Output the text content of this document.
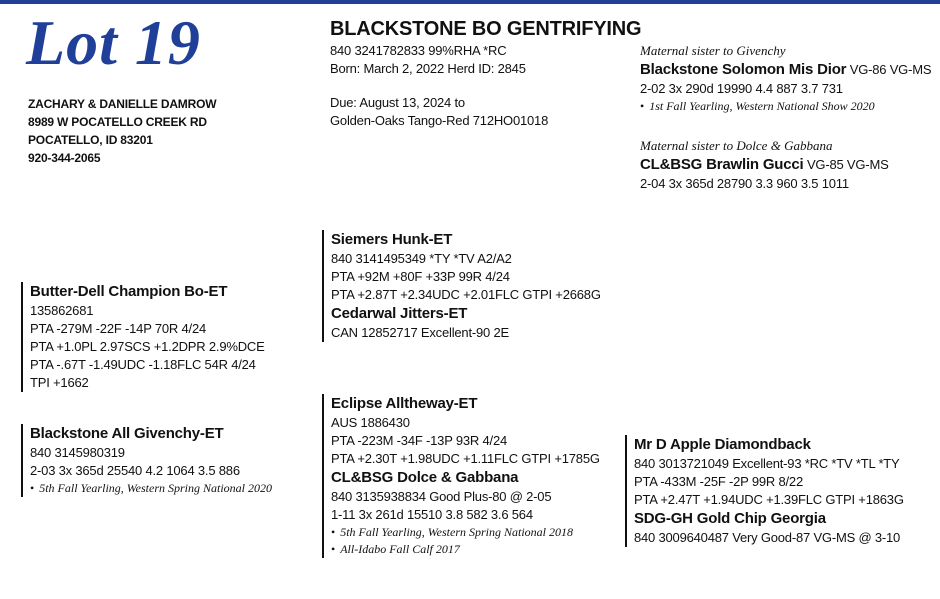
Lot 19
ZACHARY & DANIELLE DAMROW
8989 W POCATELLO CREEK RD
POCATELLO, ID 83201
920-344-2065
BLACKSTONE BO GENTRIFYING
840 3241782833 99%RHA *RC
Born: March 2, 2022 Herd ID: 2845
Due: August 13, 2024 to
Golden-Oaks Tango-Red 712HO01018
Maternal sister to Givenchy
Blackstone Solomon Mis Dior VG-86 VG-MS
2-02 3x 290d 19990 4.4 887 3.7 731
• 1st Fall Yearling, Western National Show 2020
Maternal sister to Dolce & Gabbana
CL&BSG Brawlin Gucci VG-85 VG-MS
2-04 3x 365d 28790 3.3 960 3.5 1011
Butter-Dell Champion Bo-ET
135862681
PTA -279M -22F -14P 70R 4/24
PTA +1.0PL 2.97SCS +1.2DPR 2.9%DCE
PTA -.67T -1.49UDC -1.18FLC 54R 4/24
TPI +1662
Blackstone All Givenchy-ET
840 3145980319
2-03 3x 365d 25540 4.2 1064 3.5 886
• 5th Fall Yearling, Western Spring National 2020
Siemers Hunk-ET
840 3141495349 *TY *TV A2/A2
PTA +92M +80F +33P 99R 4/24
PTA +2.87T +2.34UDC +2.01FLC GTPI +2668G
Cedarwal Jitters-ET
CAN 12852717 Excellent-90 2E
Eclipse Alltheway-ET
AUS 1886430
PTA -223M -34F -13P 93R 4/24
PTA +2.30T +1.98UDC +1.11FLC GTPI +1785G
CL&BSG Dolce & Gabbana
840 3135938834 Good Plus-80 @ 2-05
1-11 3x 261d 15510 3.8 582 3.6 564
• 5th Fall Yearling, Western Spring National 2018
• All-Idabo Fall Calf 2017
Mr D Apple Diamondback
840 3013721049 Excellent-93 *RC *TV *TL *TY
PTA -433M -25F -2P 99R 8/22
PTA +2.47T +1.94UDC +1.39FLC GTPI +1863G
SDG-GH Gold Chip Georgia
840 3009640487 Very Good-87 VG-MS @ 3-10
